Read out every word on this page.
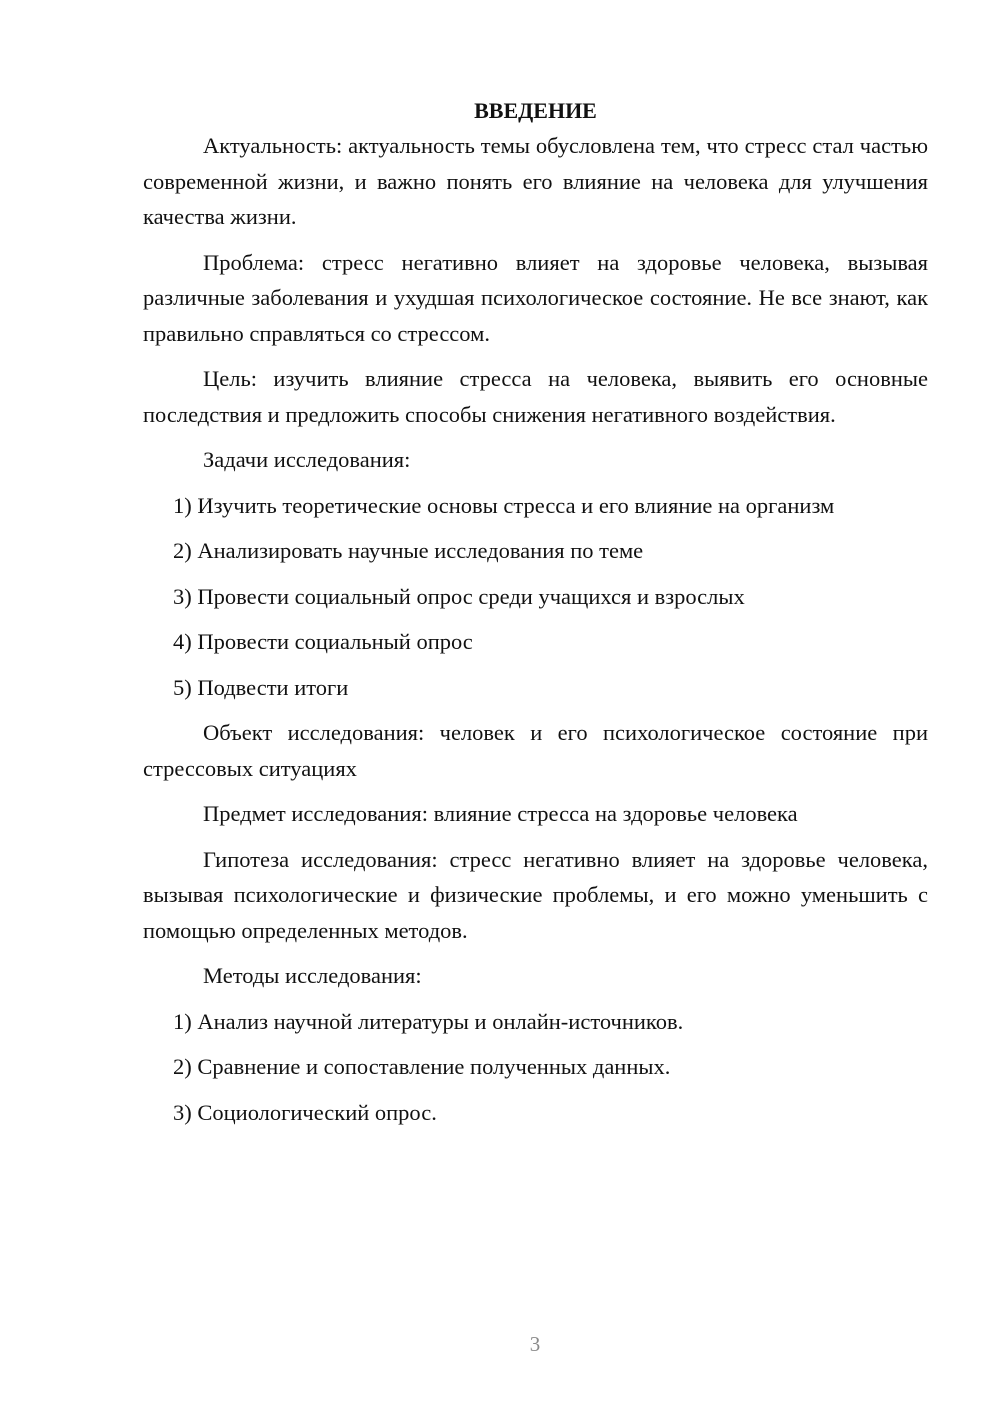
ВВЕДЕНИЕ

Актуальность: актуальность темы обусловлена тем, что стресс стал частью современной жизни, и важно понять его влияние на человека для улучшения качества жизни.

Проблема: стресс негативно влияет на здоровье человека, вызывая различные заболевания и ухудшая психологическое состояние. Не все знают, как правильно справляться со стрессом.

Цель: изучить влияние стресса на человека, выявить его основные последствия и предложить способы снижения негативного воздействия.

Задачи исследования:

1) Изучить теоретические основы стресса и его влияние на организм

2) Анализировать научные исследования по теме

3) Провести социальный опрос среди учащихся и взрослых

4) Провести социальный опрос

5) Подвести итоги

Объект исследования: человек и его психологическое состояние при стрессовых ситуациях

Предмет исследования: влияние стресса на здоровье человека

Гипотеза исследования: стресс негативно влияет на здоровье человека, вызывая психологические и физические проблемы, и его можно уменьшить с помощью определенных методов.

Методы исследования:

1) Анализ научной литературы и онлайн-источников.

2) Сравнение и сопоставление полученных данных.

3) Социологический опрос.

3
